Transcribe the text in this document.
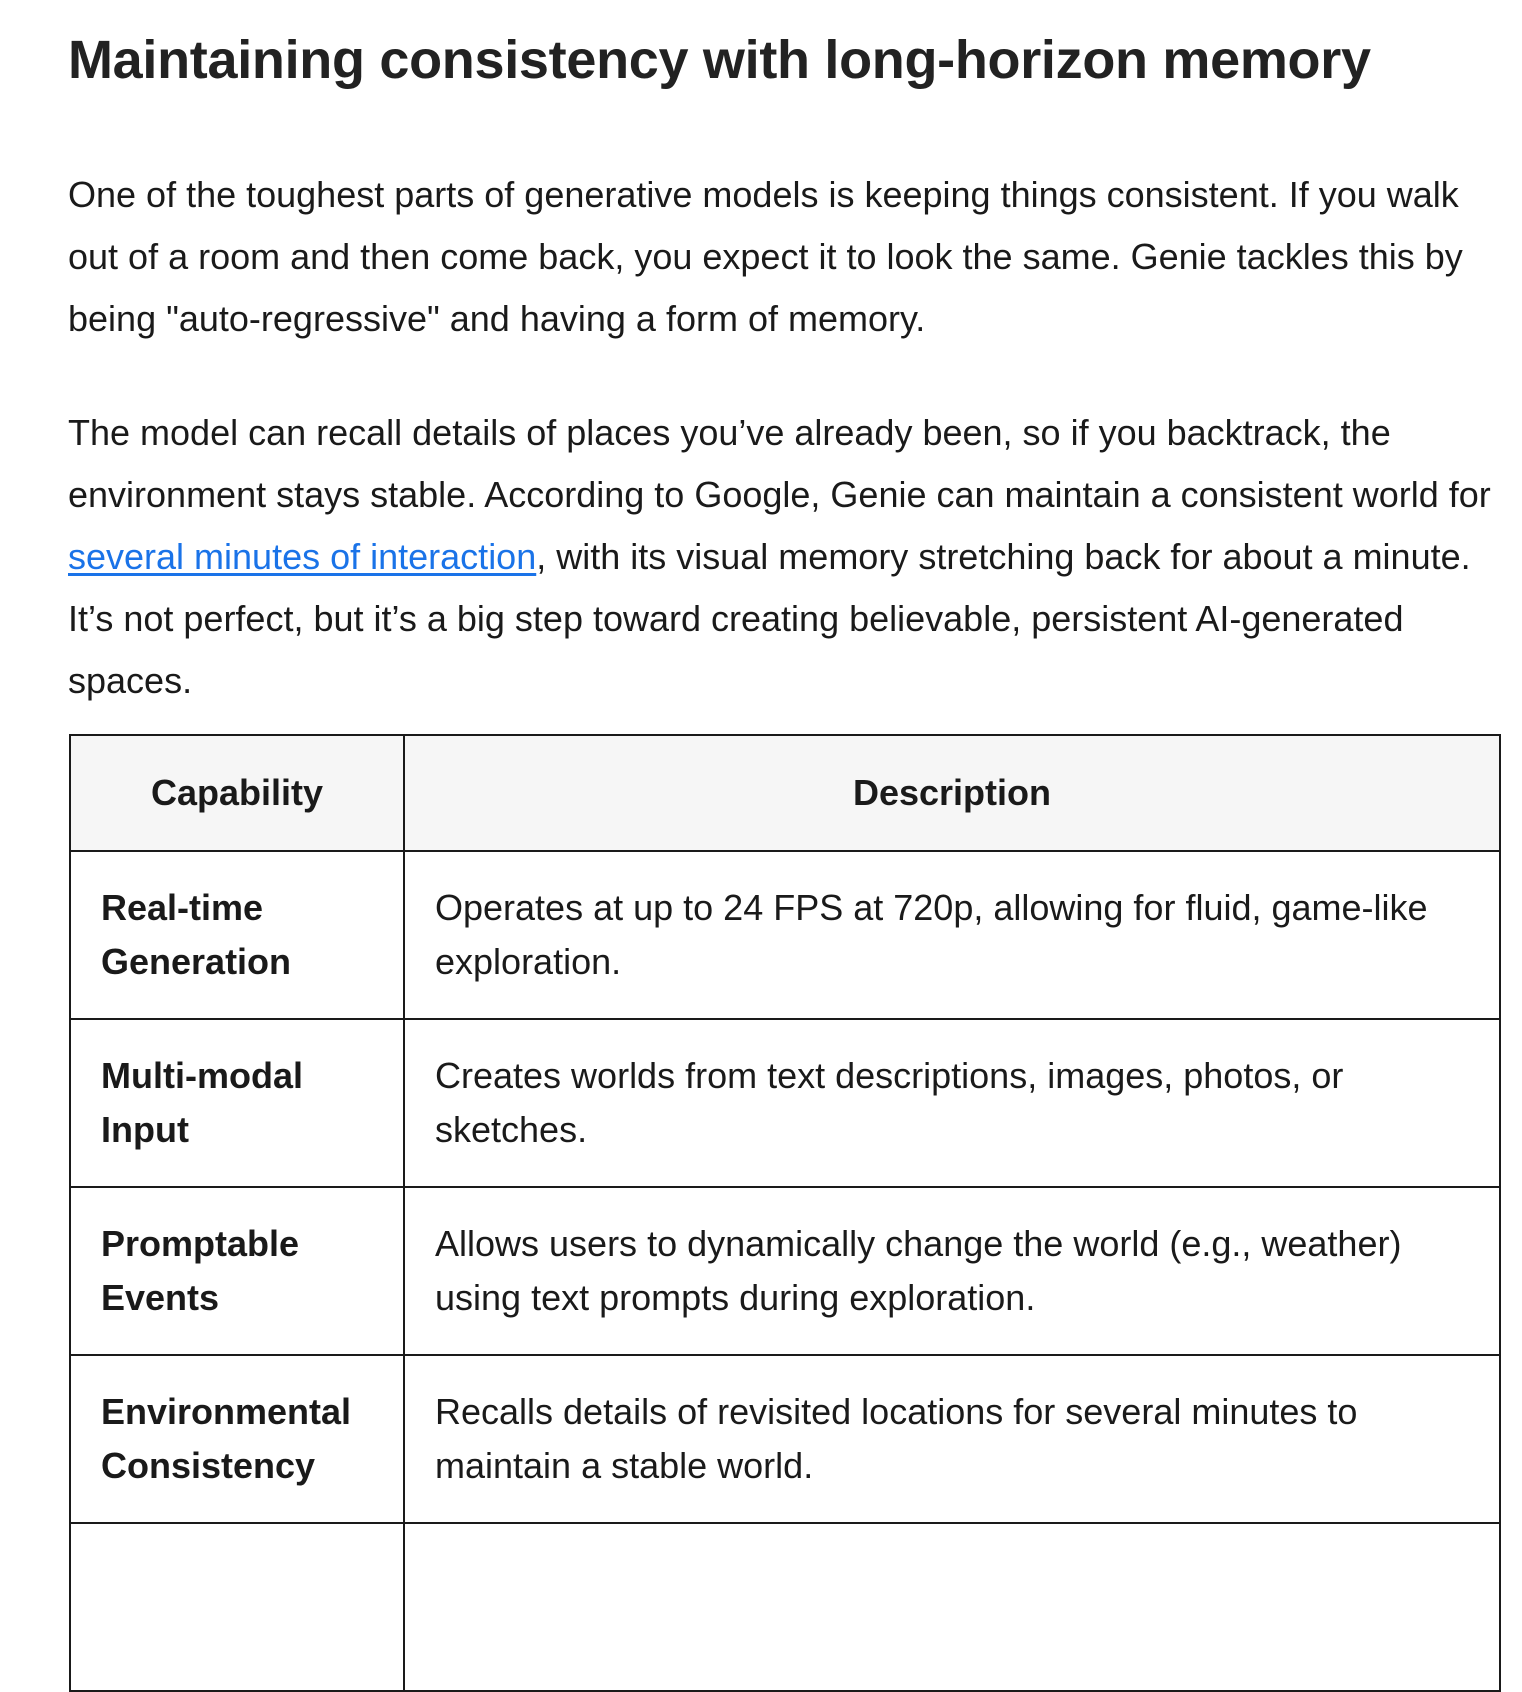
Maintaining consistency with long-horizon memory

One of the toughest parts of generative models is keeping things consistent. If you walk out of a room and then come back, you expect it to look the same. Genie tackles this by being "auto-regressive" and having a form of memory.

The model can recall details of places you’ve already been, so if you backtrack, the environment stays stable. According to Google, Genie can maintain a consistent world for several minutes of interaction, with its visual memory stretching back for about a minute. It’s not perfect, but it’s a big step toward creating believable, persistent AI-generated spaces.

Capability	Description
Real-time Generation	Operates at up to 24 FPS at 720p, allowing for fluid, game-like exploration.
Multi-modal Input	Creates worlds from text descriptions, images, photos, or sketches.
Promptable Events	Allows users to dynamically change the world (e.g., weather) using text prompts during exploration.
Environmental Consistency	Recalls details of revisited locations for several minutes to maintain a stable world.
